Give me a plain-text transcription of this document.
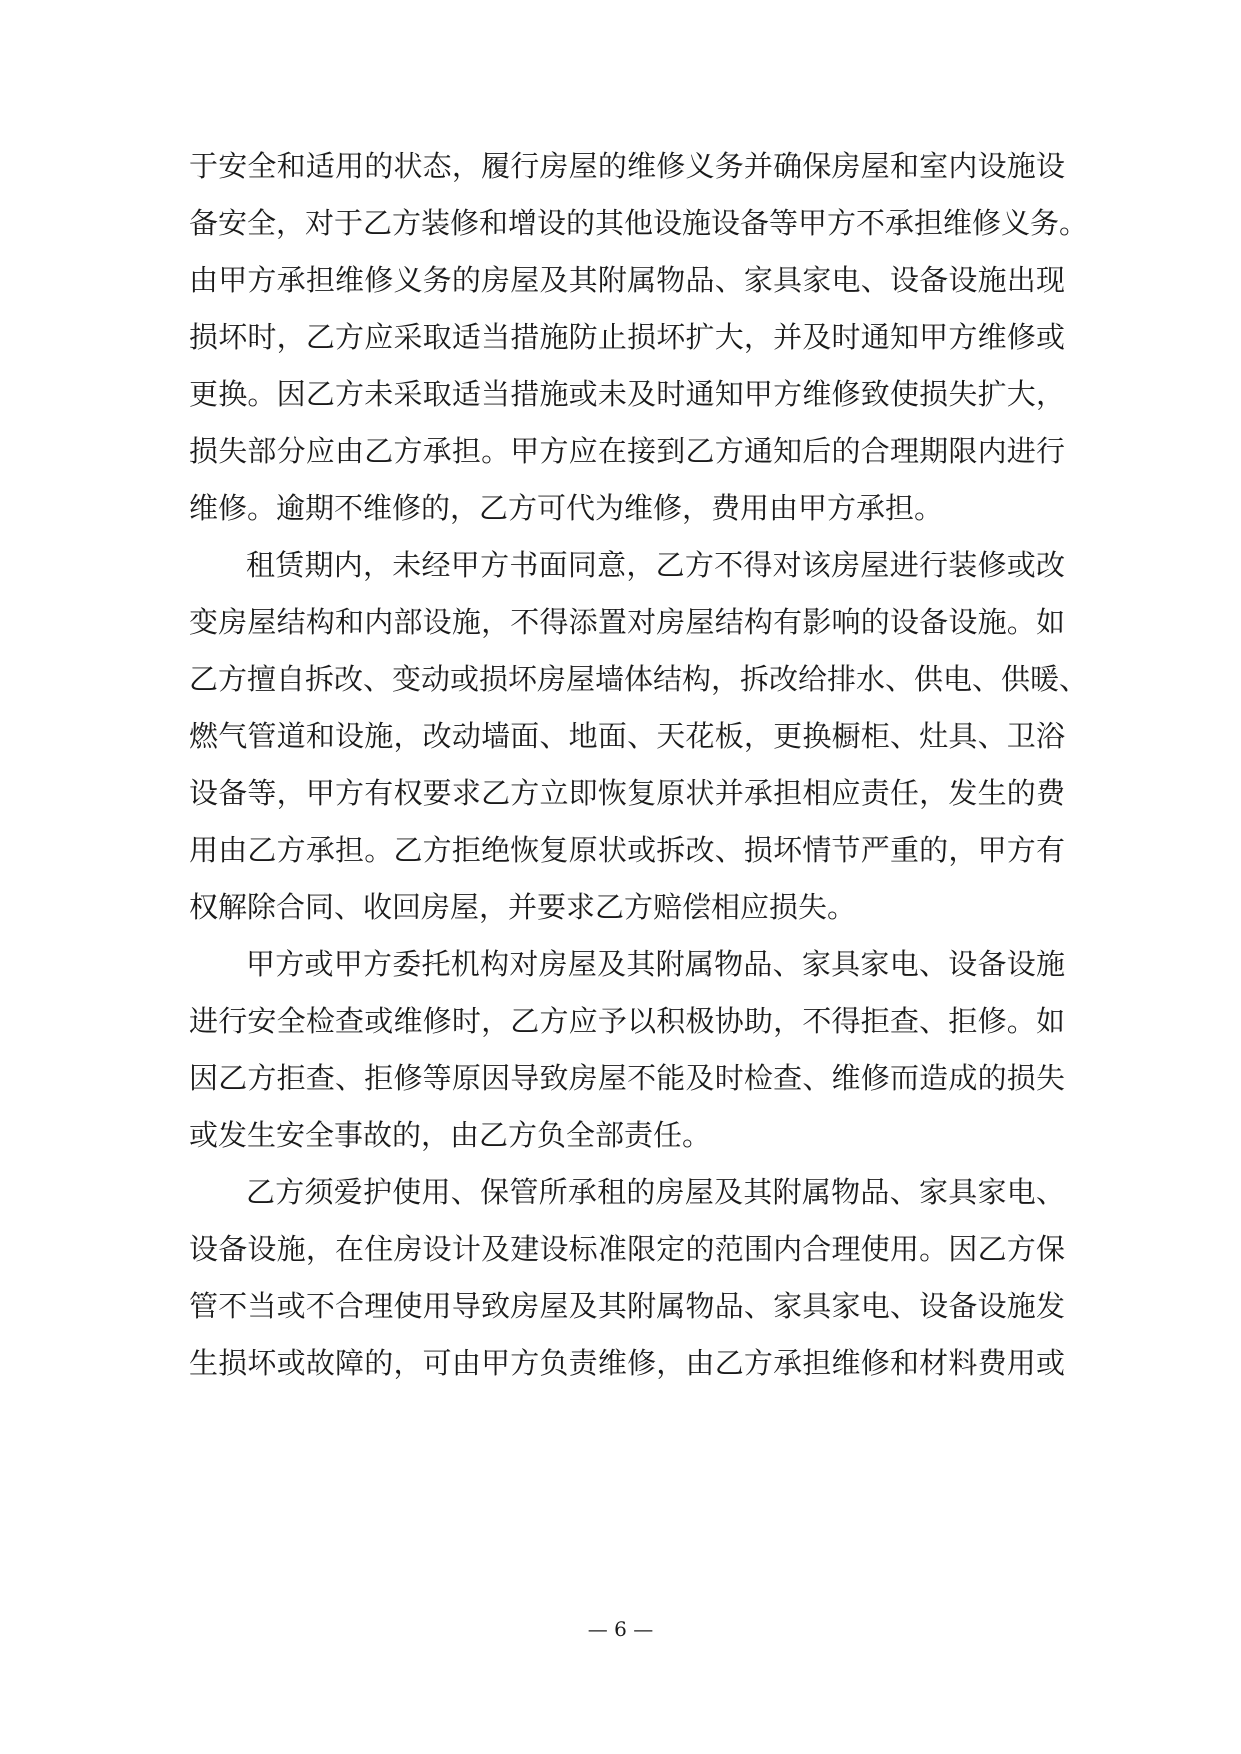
于安全和适用的状态，履行房屋的维修义务并确保房屋和室内设施设
备安全，对于乙方装修和增设的其他设施设备等甲方不承担维修义务。
由甲方承担维修义务的房屋及其附属物品、家具家电、设备设施出现
损坏时，乙方应采取适当措施防止损坏扩大，并及时通知甲方维修或
更换。因乙方未采取适当措施或未及时通知甲方维修致使损失扩大，
损失部分应由乙方承担。甲方应在接到乙方通知后的合理期限内进行
维修。逾期不维修的，乙方可代为维修，费用由甲方承担。
租赁期内，未经甲方书面同意，乙方不得对该房屋进行装修或改
变房屋结构和内部设施，不得添置对房屋结构有影响的设备设施。如
乙方擅自拆改、变动或损坏房屋墙体结构，拆改给排水、供电、供暖、
燃气管道和设施，改动墙面、地面、天花板，更换橱柜、灶具、卫浴
设备等，甲方有权要求乙方立即恢复原状并承担相应责任，发生的费
用由乙方承担。乙方拒绝恢复原状或拆改、损坏情节严重的，甲方有
权解除合同、收回房屋，并要求乙方赔偿相应损失。
甲方或甲方委托机构对房屋及其附属物品、家具家电、设备设施
进行安全检查或维修时，乙方应予以积极协助，不得拒查、拒修。如
因乙方拒查、拒修等原因导致房屋不能及时检查、维修而造成的损失
或发生安全事故的，由乙方负全部责任。
乙方须爱护使用、保管所承租的房屋及其附属物品、家具家电、
设备设施，在住房设计及建设标准限定的范围内合理使用。因乙方保
管不当或不合理使用导致房屋及其附属物品、家具家电、设备设施发
生损坏或故障的，可由甲方负责维修，由乙方承担维修和材料费用或
— 6 —
